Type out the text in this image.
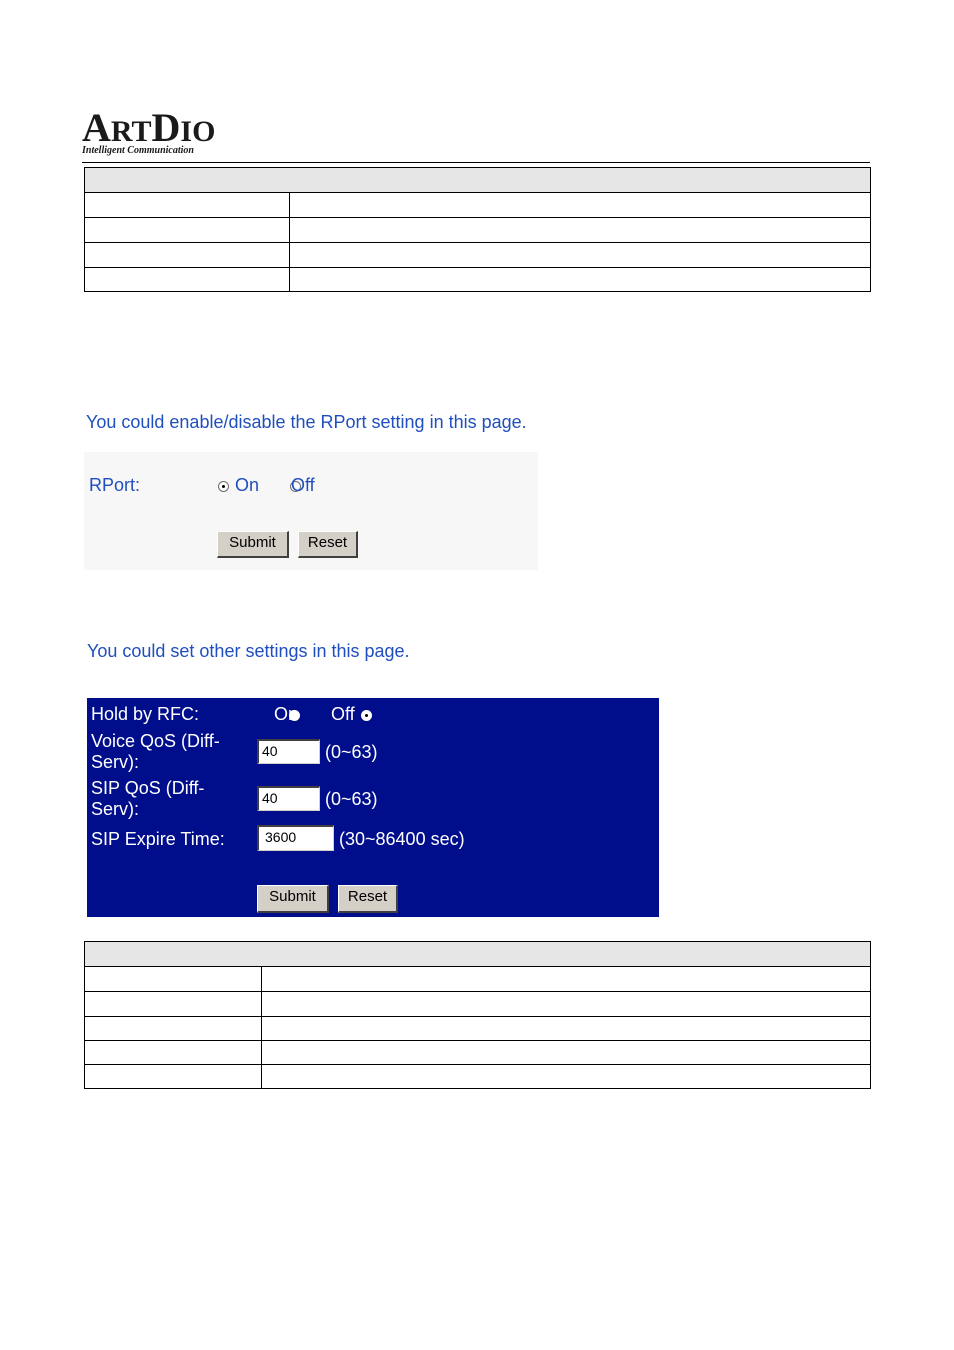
ARTDIO
Intelligent Communication

You could enable/disable the RPort setting in this page.
RPort:
	On
Off
Submit	Reset
You could set other settings in this page.
Hold by RFC:
	On Off
Voice QoS (Diff-
Serv):
40	(0~63)
SIP QoS (Diff-
Serv):
40	(0~63)
SIP Expire Time:	3600	(30~86400 sec)
Submit	Reset
